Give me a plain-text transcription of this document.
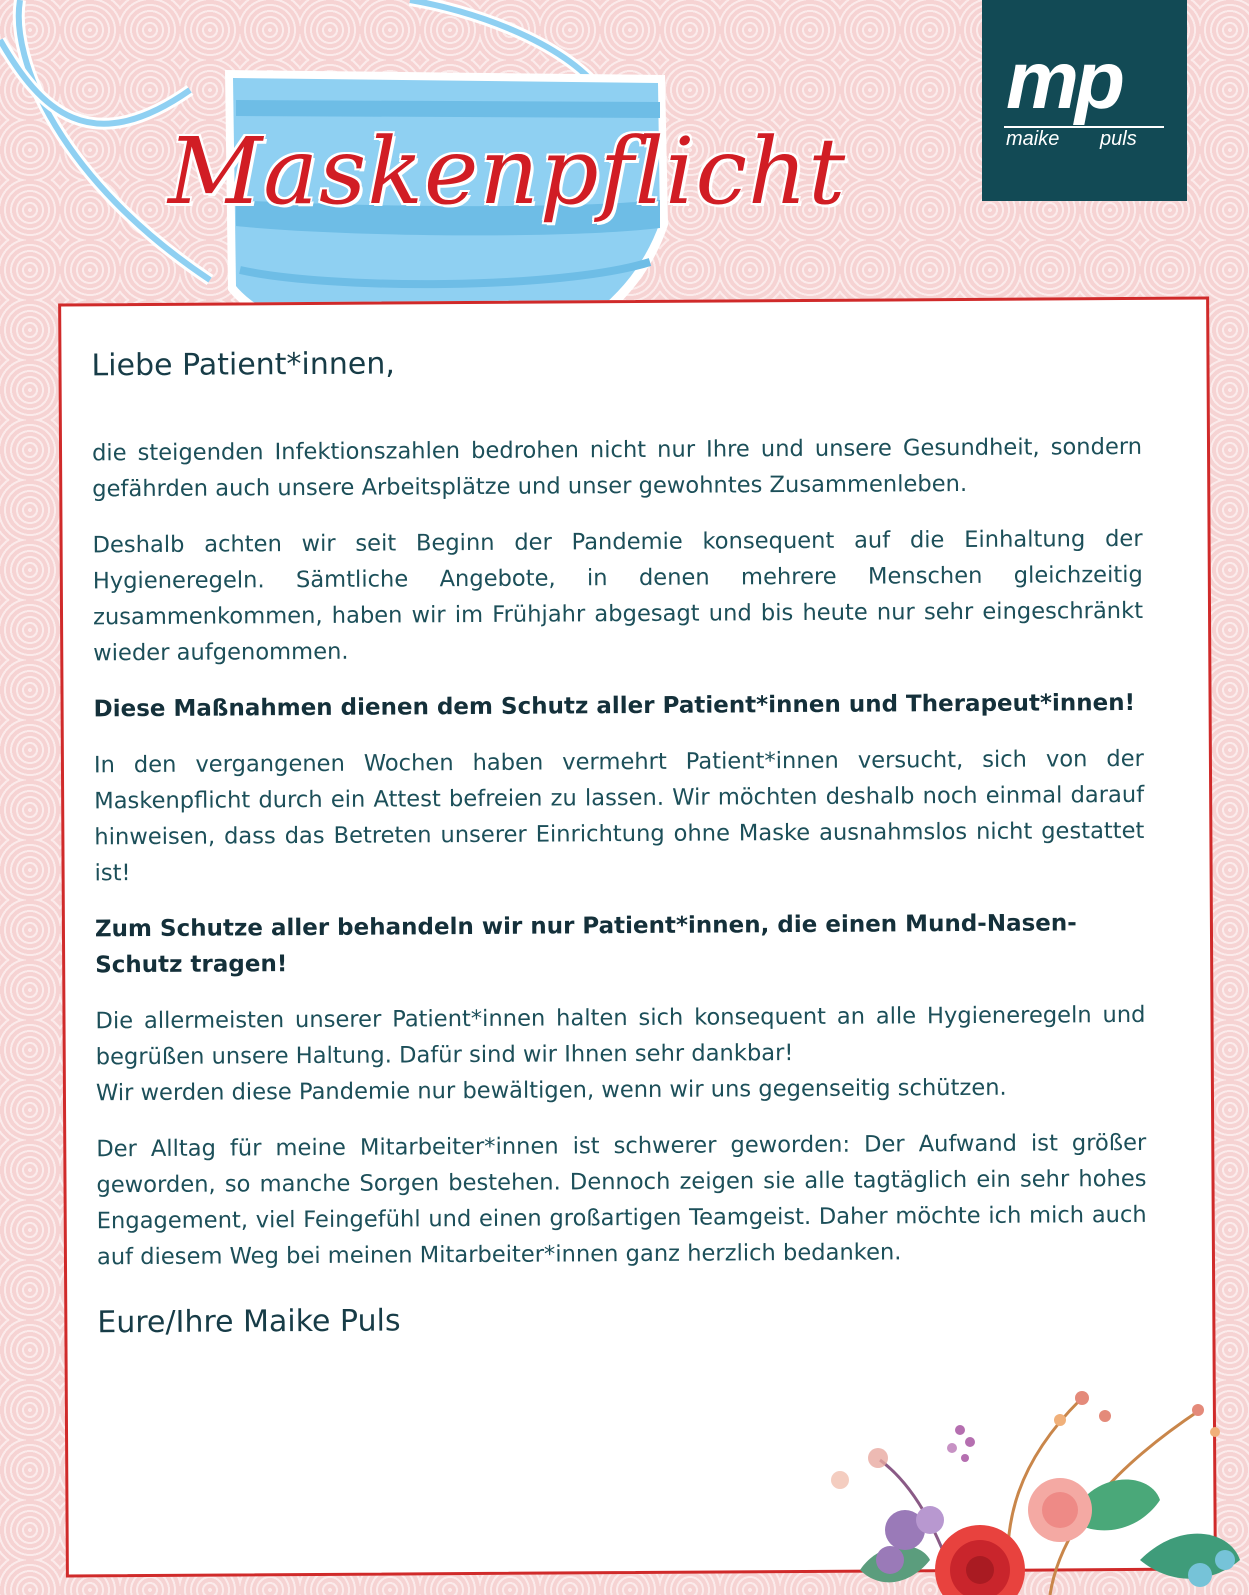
Maskenpflicht
mp
maike puls
Liebe Patient*innen,

die steigenden Infektionszahlen bedrohen nicht nur Ihre und unsere Gesundheit, sondern gefährden auch unsere Arbeitsplätze und unser gewohntes Zusammenleben.

Deshalb achten wir seit Beginn der Pandemie konsequent auf die Einhaltung der Hygieneregeln. Sämtliche Angebote, in denen mehrere Menschen gleichzeitig zusammenkommen, haben wir im Frühjahr abgesagt und bis heute nur sehr eingeschränkt wieder aufgenommen.

Diese Maßnahmen dienen dem Schutz aller Patient*innen und Therapeut*innen!

In den vergangenen Wochen haben vermehrt Patient*innen versucht, sich von der Maskenpflicht durch ein Attest befreien zu lassen. Wir möchten deshalb noch einmal darauf hinweisen, dass das Betreten unserer Einrichtung ohne Maske ausnahmslos nicht gestattet ist!

Zum Schutze aller behandeln wir nur Patient*innen, die einen Mund-Nasen-Schutz tragen!

Die allermeisten unserer Patient*innen halten sich konsequent an alle Hygieneregeln und begrüßen unsere Haltung. Dafür sind wir Ihnen sehr dankbar!

Wir werden diese Pandemie nur bewältigen, wenn wir uns gegenseitig schützen.

Der Alltag für meine Mitarbeiter*innen ist schwerer geworden: Der Aufwand ist größer geworden, so manche Sorgen bestehen. Dennoch zeigen sie alle tagtäglich ein sehr hohes Engagement, viel Feingefühl und einen großartigen Teamgeist. Daher möchte ich mich auch auf diesem Weg bei meinen Mitarbeiter*innen ganz herzlich bedanken.

Eure/Ihre Maike Puls
